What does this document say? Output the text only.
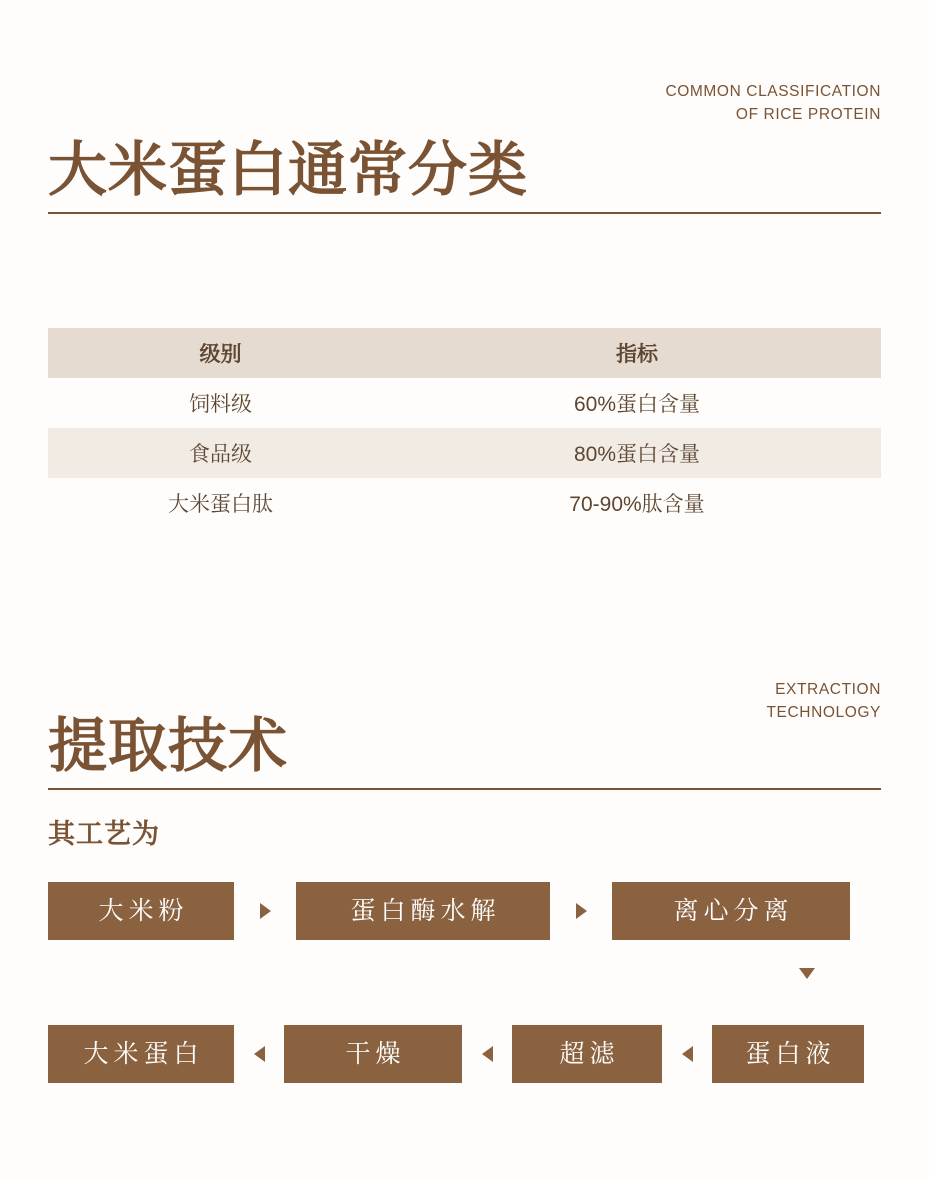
大米蛋白通常分类
COMMON CLASSIFICATION
OF RICE PROTEIN
级别	指标
饲料级	60%蛋白含量
食品级	80%蛋白含量
大米蛋白肽	70-90%肽含量
提取技术
EXTRACTION
TECHNOLOGY
其工艺为
大米粉	蛋白酶水解	离心分离
大米蛋白	干燥	超滤	蛋白液
